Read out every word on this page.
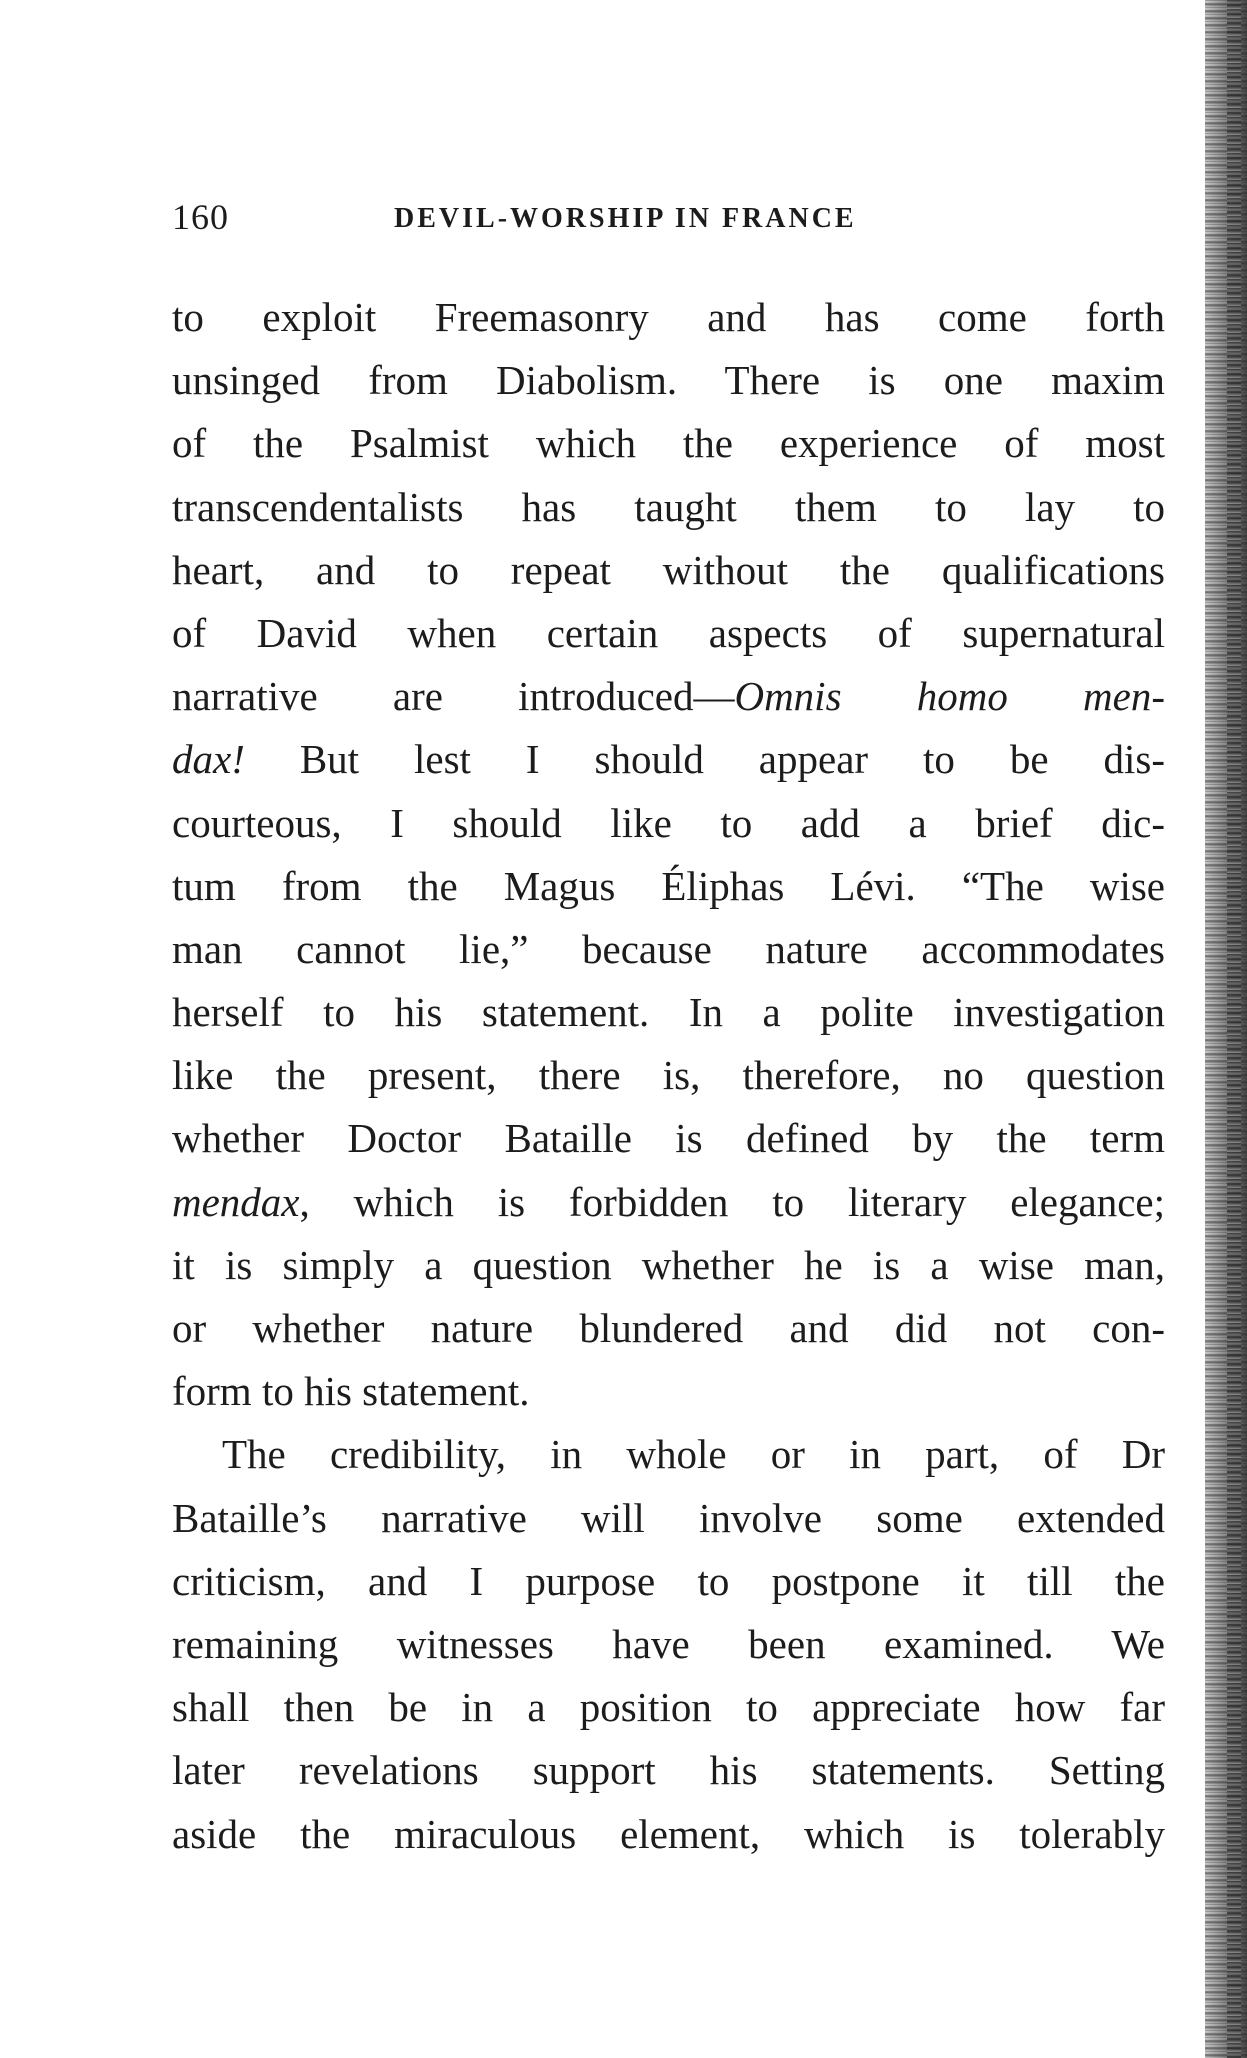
160	DEVIL-WORSHIP IN FRANCE
to exploit Freemasonry and has come forth
unsinged from Diabolism. There is one maxim
of the Psalmist which the experience of most
transcendentalists has taught them to lay to
heart, and to repeat without the qualifications
of David when certain aspects of supernatural
narrative are introduced—Omnis homo men-
dax! But lest I should appear to be dis-
courteous, I should like to add a brief dic-
tum from the Magus Éliphas Lévi. “The wise
man cannot lie,” because nature accommodates
herself to his statement. In a polite investigation
like the present, there is, therefore, no question
whether Doctor Bataille is defined by the term
mendax, which is forbidden to literary elegance;
it is simply a question whether he is a wise man,
or whether nature blundered and did not con-
form to his statement.
The credibility, in whole or in part, of Dr
Bataille’s narrative will involve some extended
criticism, and I purpose to postpone it till the
remaining witnesses have been examined. We
shall then be in a position to appreciate how far
later revelations support his statements. Setting
aside the miraculous element, which is tolerably
